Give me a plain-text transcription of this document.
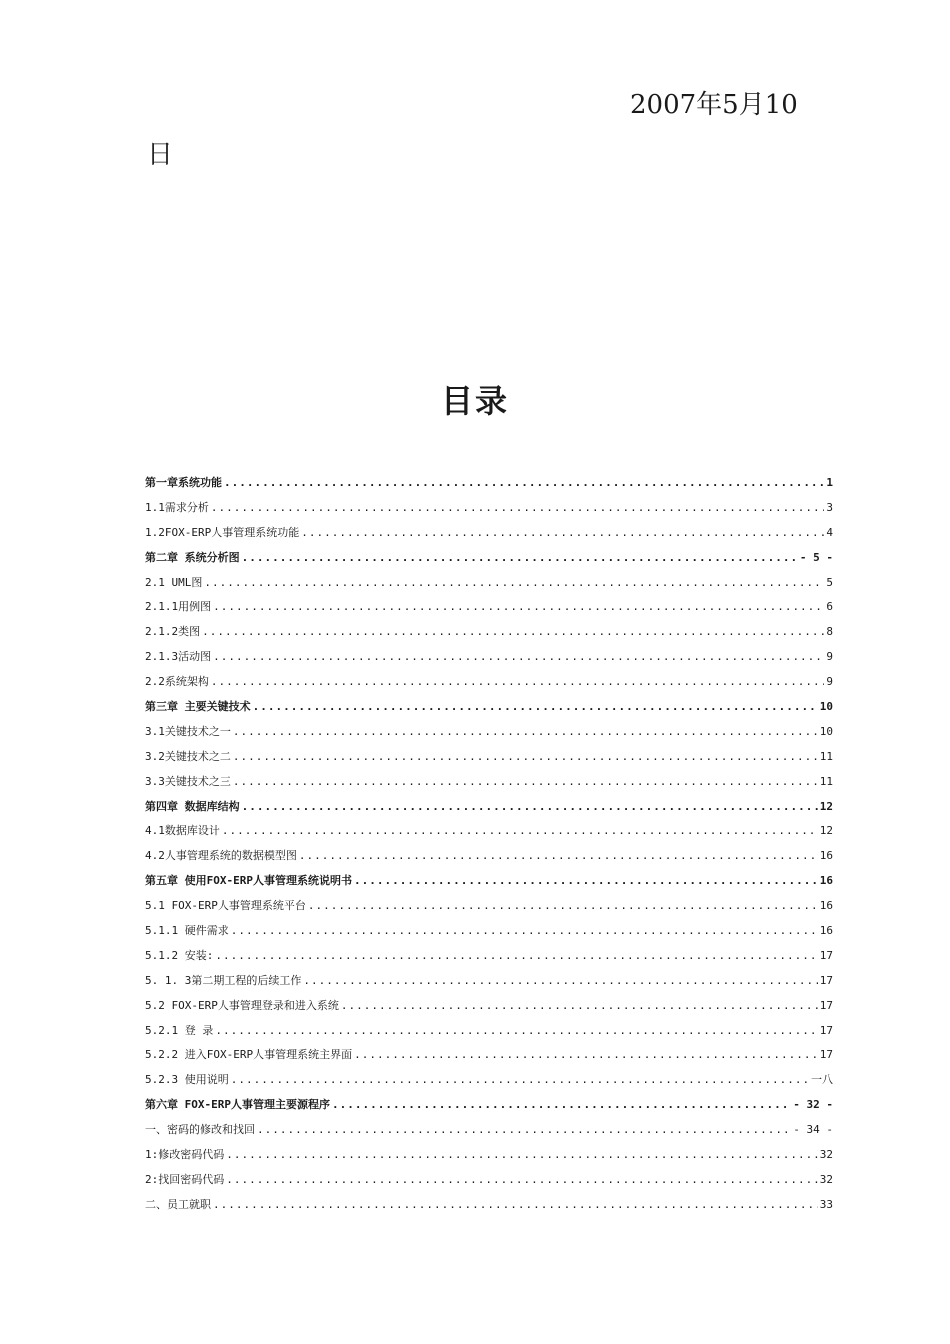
2007年5月10
日
目录
第一章系统功能 .....	1
1.1需求分析 .....	3
1.2FOX-ERP人事管理系统功能 .....	4
第二章 系统分析图 .....	- 5 -
2.1 UML图 .....	5
2.1.1用例图 .....	6
2.1.2类图 .....	8
2.1.3活动图 .....	9
2.2系统架构 .....	9
第三章 主要关键技术 .....	10
3.1关键技术之一 .....	10
3.2关键技术之二 .....	11
3.3关键技术之三 .....	11
第四章 数据库结构 .....	12
4.1数据库设计 .....	12
4.2人事管理系统的数据模型图 .....	16
第五章 使用FOX-ERP人事管理系统说明书 .....	16
5.1 FOX-ERP人事管理系统平台 .....	16
5.1.1 硬件需求 .....	16
5.1.2 安装: .....	17
5. 1. 3第二期工程的后续工作 .....	17
5.2 FOX-ERP人事管理登录和进入系统 .....	17
5.2.1 登 录 .....	17
5.2.2 进入FOX-ERP人事管理系统主界面 .....	17
5.2.3 使用说明 .....	一八
第六章 FOX-ERP人事管理主要源程序 .....	- 32 -
一、密码的修改和找回 .....	- 34 -
1:修改密码代码 .....	32
2:找回密码代码 .....	32
二、员工就职 .....	33
